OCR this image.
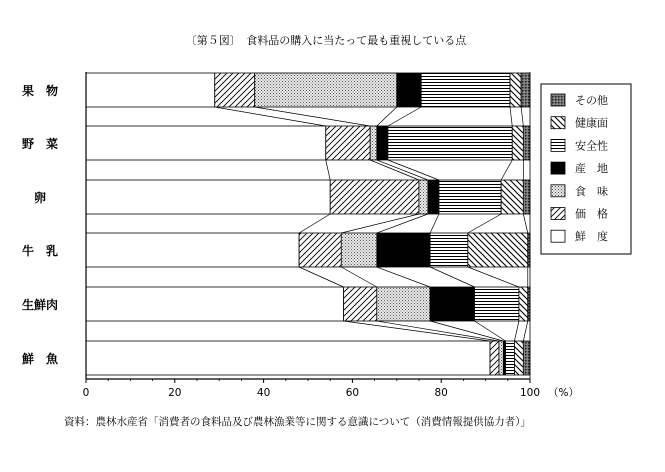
〔第５図〕　食料品の購入に当たって最も重視している点
果　物
野　菜
卵
牛　乳
生鮮肉
鮮　魚
0	20	40	60	80	100 （%）
その他
健康面
安全性
産　地
食　味
価　格
鮮　度
資料：農林水産省「消費者の食料品及び農林漁業等に関する意識について（消費情報提供協力者）」
